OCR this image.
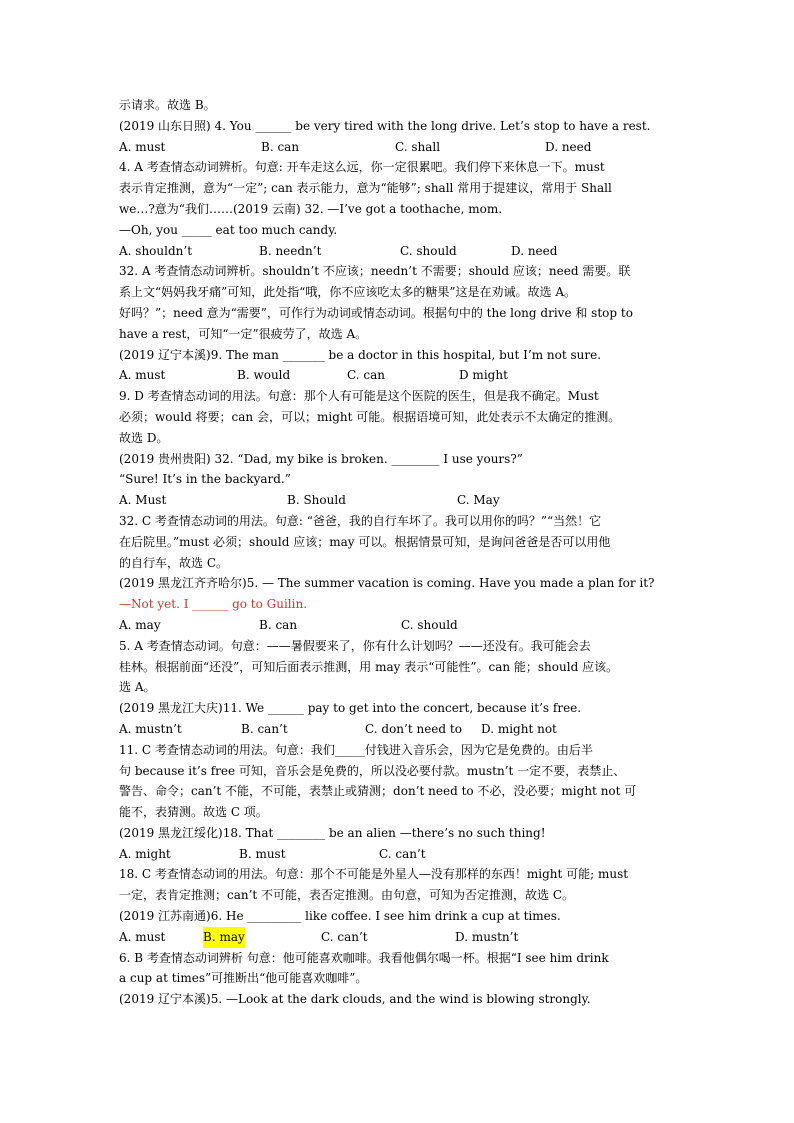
示请求。故选 B。
(2019 山东日照) 4. You ______ be very tired with the long drive. Let’s stop to have a rest.
A. must	B. can	C. shall	D. need
4. A 考查情态动词辨析。句意: 开车走这么远，你一定很累吧。我们停下来休息一下。must
表示肯定推测，意为“一定”; can 表示能力，意为“能够”; shall 常用于提建议，常用于 Shall
we…?意为“我们……(2019 云南) 32. —I’ve got a toothache, mom.
—Oh, you _____ eat too much candy.
A. shouldn’t	B. needn’t	C. should	D. need
32. A 考查情态动词辨析。shouldn’t 不应该；needn’t 不需要；should 应该；need 需要。联
系上文“妈妈我牙痛”可知，此处指“哦，你不应该吃太多的糖果”这是在劝诫。故选 A。
好吗？”；need 意为“需要”，可作行为动词或情态动词。根据句中的 the long drive 和 stop to
have a rest，可知“一定”很疲劳了，故选 A。
(2019 辽宁本溪)9. The man _______ be a doctor in this hospital, but I’m not sure.
A. must	B. would	C. can	D might
9. D 考查情态动词的用法。句意：那个人有可能是这个医院的医生，但是我不确定。Must
必须；would 将要；can 会，可以；might 可能。根据语境可知，此处表示不太确定的推测。
故选 D。
(2019 贵州贵阳) 32. “Dad, my bike is broken. ________ I use yours?”
“Sure! It’s in the backyard.”
A. Must	B. Should	C. May
32. C 考查情态动词的用法。句意: “爸爸，我的自行车坏了。我可以用你的吗？”“当然！它
在后院里。”must 必须；should 应该；may 可以。根据情景可知，是询问爸爸是否可以用他
的自行车，故选 C。
(2019 黑龙江齐齐哈尔)5. — The summer vacation is coming. Have you made a plan for it?
—Not yet. I ______ go to Guilin.
A. may	B. can	C. should
5. A 考查情态动词。句意：——暑假要来了，你有什么计划吗？——还没有。我可能会去
桂林。根据前面“还没”，可知后面表示推测，用 may 表示“可能性”。can 能；should 应该。
选 A。
(2019 黑龙江大庆)11. We ______ pay to get into the concert, because it’s free.
A. mustn’t	B. can’t	C. don’t need to D. might not
11. C 考查情态动词的用法。句意：我们_____付钱进入音乐会，因为它是免费的。由后半
句 because it’s free 可知，音乐会是免费的，所以没必要付款。mustn’t 一定不要，表禁止、
警告、命令；can’t 不能，不可能，表禁止或猜测；don’t need to 不必，没必要；might not 可
能不，表猜测。故选 C 项。
(2019 黑龙江绥化)18. That ________ be an alien —there’s no such thing!
A. might	B. must	C. can’t
18. C 考查情态动词的用法。句意：那个不可能是外星人—没有那样的东西！might 可能; must
一定，表肯定推测；can’t 不可能，表否定推测。由句意，可知为否定推测，故选 C。
(2019 江苏南通)6. He _________ like coffee. I see him drink a cup at times.
A. must	B. may	C. can’t	D. mustn’t
6. B 考查情态动词辨析 句意：他可能喜欢咖啡。我看他偶尔喝一杯。根据“I see him drink
a cup at times”可推断出“他可能喜欢咖啡”。
(2019 辽宁本溪)5. —Look at the dark clouds, and the wind is blowing strongly.
